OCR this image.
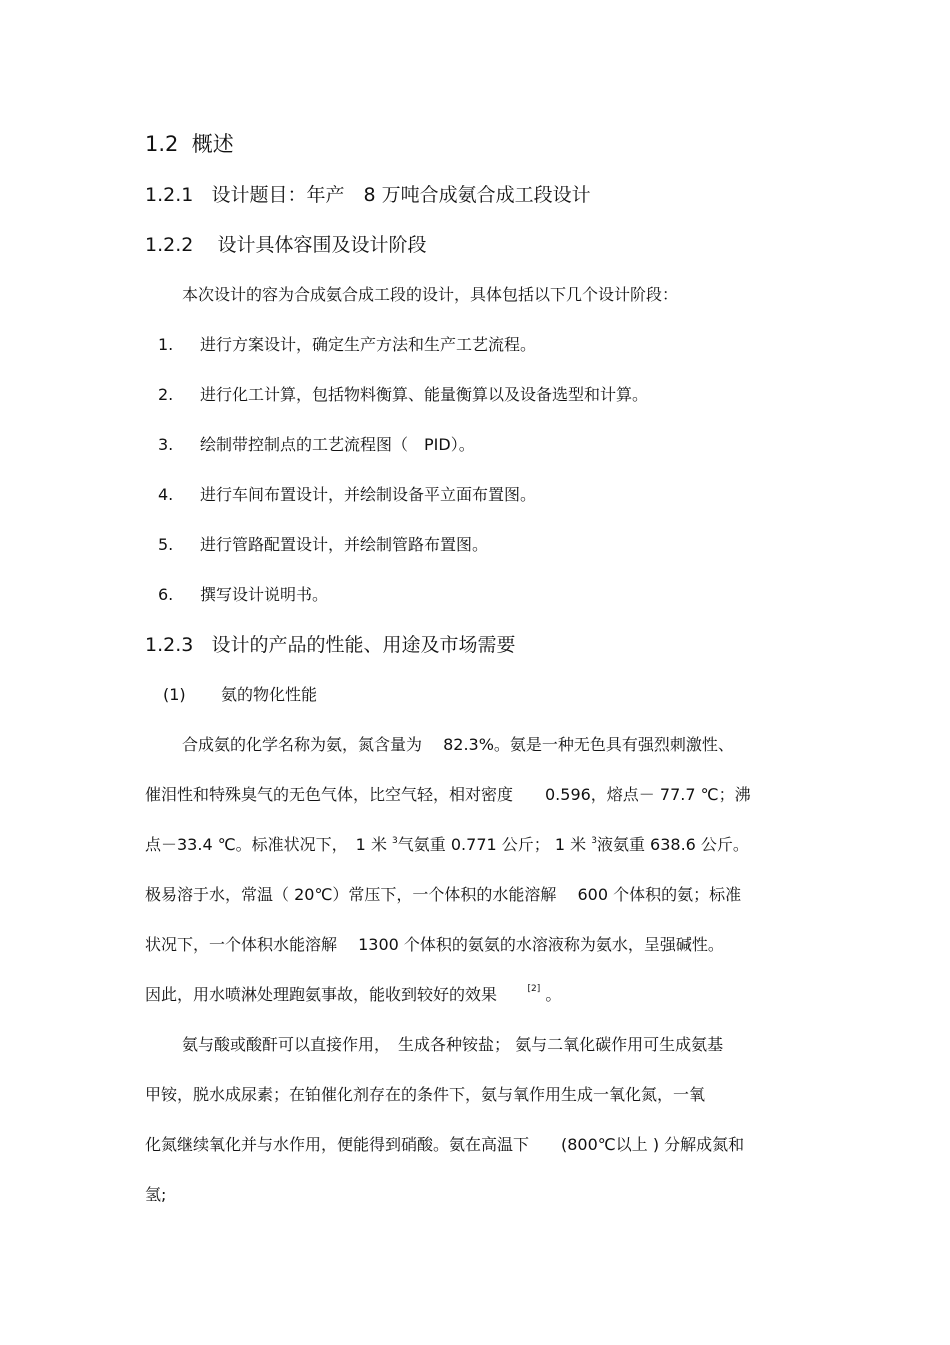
1.2 概述
1.2.1 设计题目：年产　8 万吨合成氨合成工段设计
1.2.2 设计具体容围及设计阶段
本次设计的容为合成氨合成工段的设计，具体包括以下几个设计阶段：
1. 进行方案设计，确定生产方法和生产工艺流程。
2. 进行化工计算，包括物料衡算、能量衡算以及设备选型和计算。
3. 绘制带控制点的工艺流程图（　PID）。
4. 进行车间布置设计，并绘制设备平立面布置图。
5. 进行管路配置设计，并绘制管路布置图。
6. 撰写设计说明书。
1.2.3 设计的产品的性能、用途及市场需要
(1) 氨的物化性能
合成氨的化学名称为氨，氮含量为　 82.3%。氨是一种无色具有强烈刺激性、
催泪性和特殊臭气的无色气体，比空气轻，相对密度　　0.596，熔点－ 77.7 ℃；沸
点－33.4 ℃。标准状况下，　1 米 $^3$气氨重 0.771 公斤； 1 米 $^3$液氨重 638.6 公斤。
极易溶于水，常温（ 20℃）常压下，一个体积的水能溶解　 600 个体积的氨；标准
状况下，一个体积水能溶解　 1300 个体积的氨氨的水溶液称为氨水，呈强碱性。
因此，用水喷淋处理跑氨事故，能收到较好的效果	[2] 。
氨与酸或酸酐可以直接作用，　生成各种铵盐； 氨与二氧化碳作用可生成氨基
甲铵，脱水成尿素；在铂催化剂存在的条件下，氨与氧作用生成一氧化氮，一氧
化氮继续氧化并与水作用，便能得到硝酸。氨在高温下　　(800℃以上 ) 分解成氮和
氢;
